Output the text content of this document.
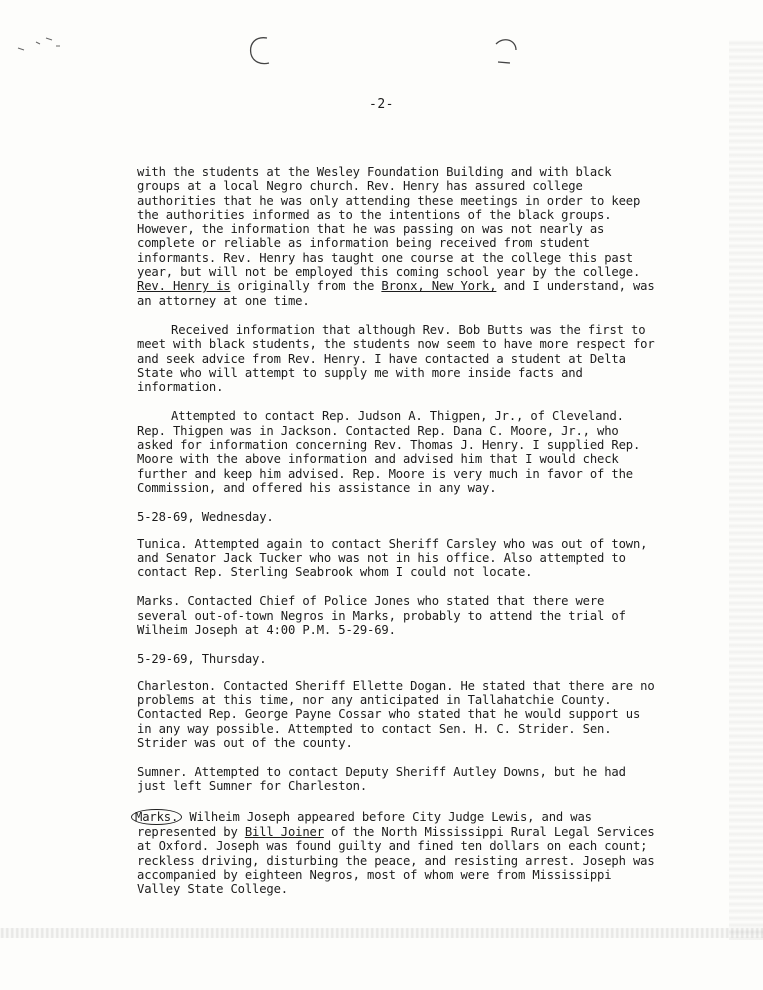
-2-

with the students at the Wesley Foundation Building and with black groups at a local Negro church. Rev. Henry has assured college authorities that he was only attending these meetings in order to keep the authorities informed as to the intentions of the black groups. However, the information that he was passing on was not nearly as complete or reliable as information being received from student informants. Rev. Henry has taught one course at the college this past year, but will not be employed this coming school year by the college. Rev. Henry is originally from the Bronx, New York, and I understand, was an attorney at one time.

Received information that although Rev. Bob Butts was the first to meet with black students, the students now seem to have more respect for and seek advice from Rev. Henry. I have contacted a student at Delta State who will attempt to supply me with more inside facts and information.

Attempted to contact Rep. Judson A. Thigpen, Jr., of Cleveland. Rep. Thigpen was in Jackson. Contacted Rep. Dana C. Moore, Jr., who asked for information concerning Rev. Thomas J. Henry. I supplied Rep. Moore with the above information and advised him that I would check further and keep him advised. Rep. Moore is very much in favor of the Commission, and offered his assistance in any way.

5-28-69, Wednesday.

Tunica. Attempted again to contact Sheriff Carsley who was out of town, and Senator Jack Tucker who was not in his office. Also attempted to contact Rep. Sterling Seabrook whom I could not locate.

Marks. Contacted Chief of Police Jones who stated that there were several out-of-town Negros in Marks, probably to attend the trial of Wilheim Joseph at 4:00 P.M. 5-29-69.

5-29-69, Thursday.

Charleston. Contacted Sheriff Ellette Dogan. He stated that there are no problems at this time, nor any anticipated in Tallahatchie County. Contacted Rep. George Payne Cossar who stated that he would support us in any way possible. Attempted to contact Sen. H. C. Strider. Sen. Strider was out of the county.

Sumner. Attempted to contact Deputy Sheriff Autley Downs, but he had just left Sumner for Charleston.

Marks. Wilheim Joseph appeared before City Judge Lewis, and was represented by Bill Joiner of the North Mississippi Rural Legal Services at Oxford. Joseph was found guilty and fined ten dollars on each count; reckless driving, disturbing the peace, and resisting arrest. Joseph was accompanied by eighteen Negros, most of whom were from Mississippi Valley State College.
